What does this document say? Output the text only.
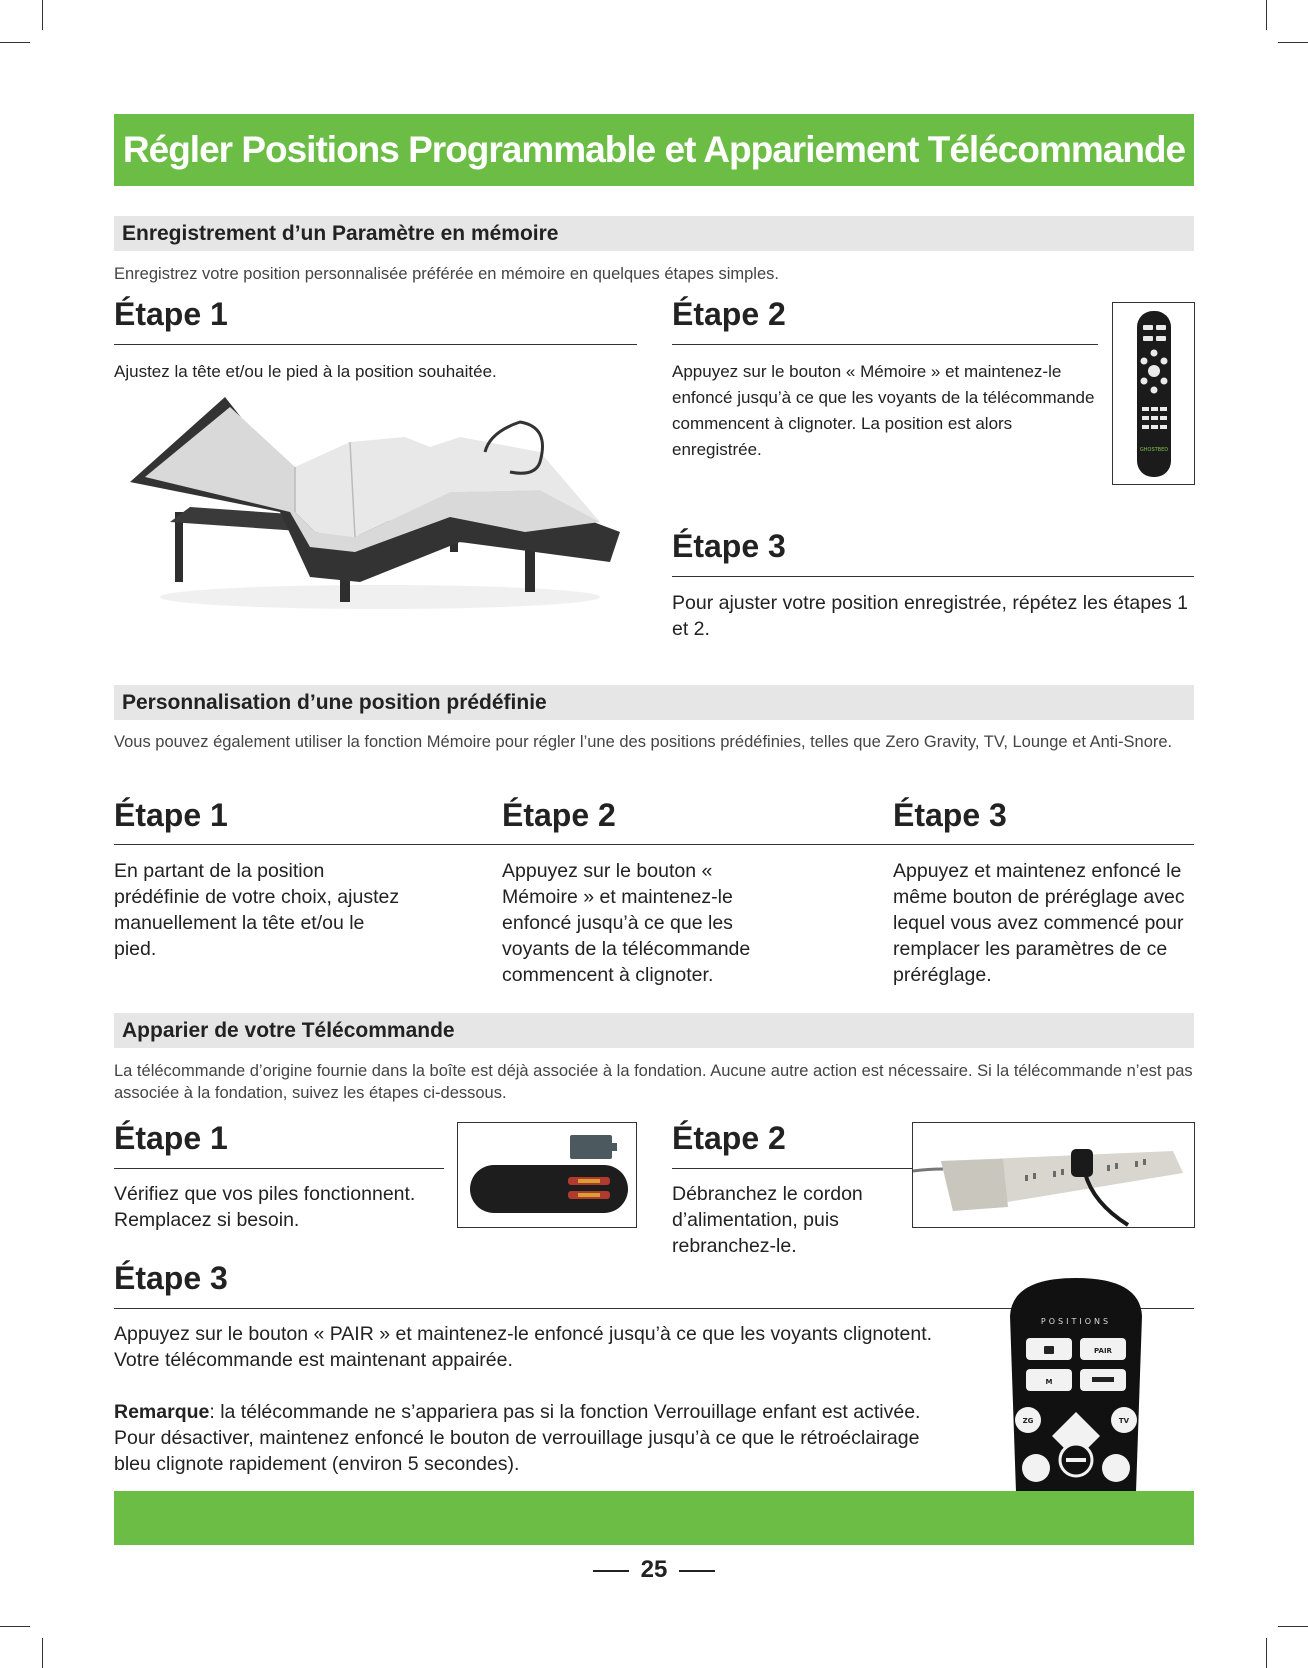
Régler Positions Programmable et Appariement Télécommande
Enregistrement d’un Paramètre en mémoire
Enregistrez votre position personnalisée préférée en mémoire en quelques étapes simples.
Étape 1
Ajustez la tête et/ou le pied à la position souhaitée.
Étape 2
Appuyez sur le bouton « Mémoire » et maintenez-le enfoncé jusqu’à ce que les voyants de la télécommande commencent à clignoter. La position est alors enregistrée.	GHOSTBED
Étape 3
Pour ajuster votre position enregistrée, répétez les étapes 1 et 2.
Personnalisation d’une position prédéfinie
Vous pouvez également utiliser la fonction Mémoire pour régler l’une des positions prédéfinies, telles que Zero Gravity, TV, Lounge et Anti-Snore.
Étape 1	Étape 2	Étape 3
En partant de la position prédéfinie de votre choix, ajustez manuellement la tête et/ou le pied.
Appuyez sur le bouton « Mémoire » et maintenez-le enfoncé jusqu’à ce que les voyants de la télécommande commencent à clignoter.
Appuyez et maintenez enfoncé le même bouton de préréglage avec lequel vous avez commencé pour remplacer les paramètres de ce préréglage.
Apparier de votre Télécommande
La télécommande d’origine fournie dans la boîte est déjà associée à la fondation. Aucune autre action est nécessaire. Si la télécommande n’est pas associée à la fondation, suivez les étapes ci-dessous.
Étape 1
Vérifiez que vos piles fonctionnent. Remplacez si besoin.
Étape 2
Débranchez le cordon d’alimentation, puis rebranchez-le.
Étape 3
Appuyez sur le bouton « PAIR » et maintenez-le enfoncé jusqu’à ce que les voyants clignotent. Votre télécommande est maintenant appairée.
Remarque: la télécommande ne s’appariera pas si la fonction Verrouillage enfant est activée. Pour désactiver, maintenez enfoncé le bouton de verrouillage jusqu’à ce que le rétroéclairage bleu clignote rapidement (environ 5 secondes).
POSITIONS
PAIR
M
ZG	TV
25
